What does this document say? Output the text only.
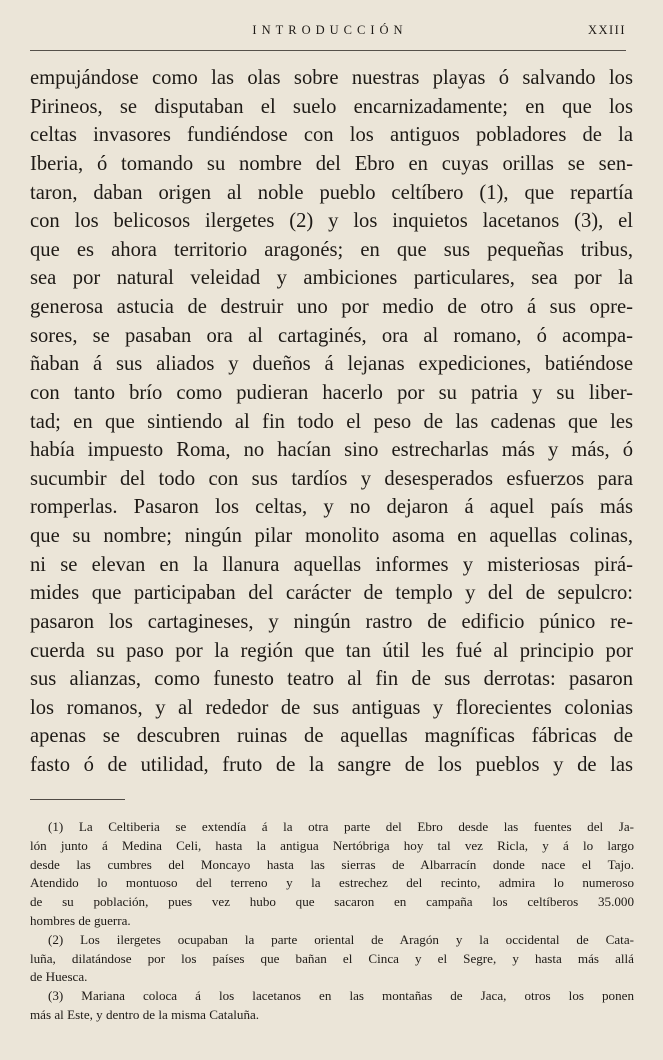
INTRODUCCIÓN	XXIII
empujándose como las olas sobre nuestras playas ó salvando los
Pirineos, se disputaban el suelo encarnizadamente; en que los
celtas invasores fundiéndose con los antiguos pobladores de la
Iberia, ó tomando su nombre del Ebro en cuyas orillas se sen-
taron, daban origen al noble pueblo celtíbero (1), que repartía
con los belicosos ilergetes (2) y los inquietos lacetanos (3), el
que es ahora territorio aragonés; en que sus pequeñas tribus,
sea por natural veleidad y ambiciones particulares, sea por la
generosa astucia de destruir uno por medio de otro á sus opre-
sores, se pasaban ora al cartaginés, ora al romano, ó acompa-
ñaban á sus aliados y dueños á lejanas expediciones, batiéndose
con tanto brío como pudieran hacerlo por su patria y su liber-
tad; en que sintiendo al fin todo el peso de las cadenas que les
había impuesto Roma, no hacían sino estrecharlas más y más, ó
sucumbir del todo con sus tardíos y desesperados esfuerzos para
romperlas. Pasaron los celtas, y no dejaron á aquel país más
que su nombre; ningún pilar monolito asoma en aquellas colinas,
ni se elevan en la llanura aquellas informes y misteriosas pirá-
mides que participaban del carácter de templo y del de sepulcro:
pasaron los cartagineses, y ningún rastro de edificio púnico re-
cuerda su paso por la región que tan útil les fué al principio por
sus alianzas, como funesto teatro al fin de sus derrotas: pasaron
los romanos, y al rededor de sus antiguas y florecientes colonias
apenas se descubren ruinas de aquellas magníficas fábricas de
fasto ó de utilidad, fruto de la sangre de los pueblos y de las
(1) La Celtiberia se extendía á la otra parte del Ebro desde las fuentes del Ja-
lón junto á Medina Celi, hasta la antigua Nertóbriga hoy tal vez Ricla, y á lo largo
desde las cumbres del Moncayo hasta las sierras de Albarracín donde nace el Tajo.
Atendido lo montuoso del terreno y la estrechez del recinto, admira lo numeroso
de su población, pues vez hubo que sacaron en campaña los celtíberos 35.000
hombres de guerra.
(2) Los ilergetes ocupaban la parte oriental de Aragón y la occidental de Cata-
luña, dilatándose por los países que bañan el Cinca y el Segre, y hasta más allá
de Huesca.
(3) Mariana coloca á los lacetanos en las montañas de Jaca, otros los ponen
más al Este, y dentro de la misma Cataluña.
